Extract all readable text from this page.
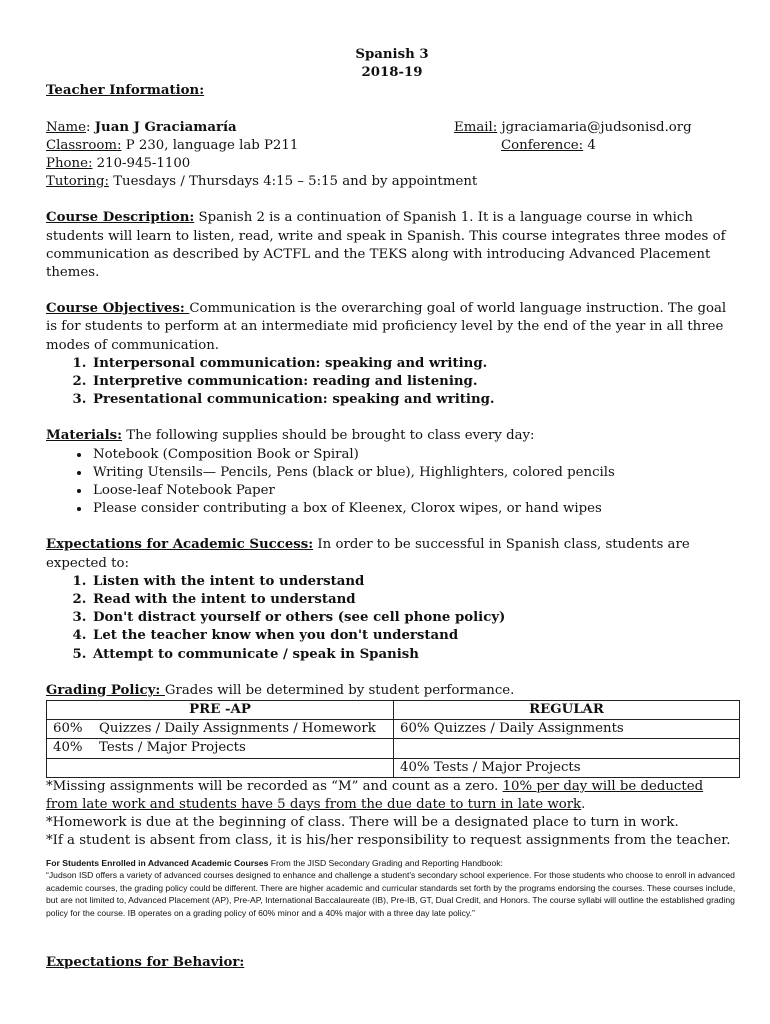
Spanish 3
2018-19
Teacher Information:
Name: Juan J Graciamaría	Email: jgraciamaria@judsonisd.org
Classroom: P 230, language lab P211	Conference: 4
Phone: 210-945-1100
Tutoring: Tuesdays / Thursdays 4:15 – 5:15 and by appointment

Course Description: Spanish 2 is a continuation of Spanish 1. It is a language course in which students will learn to listen, read, write and speak in Spanish. This course integrates three modes of communication as described by ACTFL and the TEKS along with introducing Advanced Placement themes.

Course Objectives: Communication is the overarching goal of world language instruction. The goal is for students to perform at an intermediate mid proficiency level by the end of the year in all three modes of communication.

1. Interpersonal communication: speaking and writing.
2. Interpretive communication: reading and listening.
3. Presentational communication: speaking and writing.

Materials: The following supplies should be brought to class every day:

• Notebook (Composition Book or Spiral)
• Writing Utensils— Pencils, Pens (black or blue), Highlighters, colored pencils
• Loose-leaf Notebook Paper
• Please consider contributing a box of Kleenex, Clorox wipes, or hand wipes

Expectations for Academic Success: In order to be successful in Spanish class, students are expected to:

1. Listen with the intent to understand
2. Read with the intent to understand
3. Don't distract yourself or others (see cell phone policy)
4. Let the teacher know when you don't understand
5. Attempt to communicate / speak in Spanish

Grading Policy: Grades will be determined by student performance.

PRE -AP	REGULAR
60% Quizzes / Daily Assignments / Homework	60% Quizzes / Daily Assignments
40% Tests / Major Projects	
	40% Tests / Major Projects

*Missing assignments will be recorded as “M” and count as a zero. 10% per day will be deducted from late work and students have 5 days from the due date to turn in late work.

*Homework is due at the beginning of class. There will be a designated place to turn in work.

*If a student is absent from class, it is his/her responsibility to request assignments from the teacher.

For Students Enrolled in Advanced Academic Courses From the JISD Secondary Grading and Reporting Handbook:
“Judson ISD offers a variety of advanced courses designed to enhance and challenge a student's secondary school experience. For those students who choose to enroll in advanced academic courses, the grading policy could be different. There are higher academic and curricular standards set forth by the programs endorsing the courses. These courses include, but are not limited to, Advanced Placement (AP), Pre-AP, International Baccalaureate (IB), Pre-IB, GT, Dual Credit, and Honors. The course syllabi will outline the established grading policy for the course. IB operates on a grading policy of 60% minor and a 40% major with a three day late policy.”

Expectations for Behavior:
